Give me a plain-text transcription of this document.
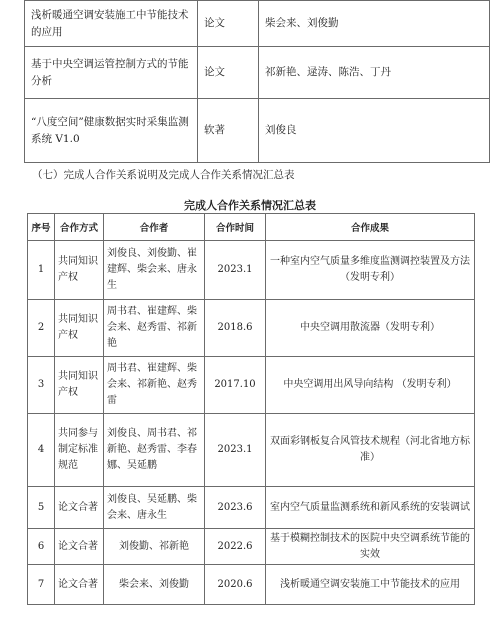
浅析暖通空调安装施工中节能技术的应用	论文	柴会来、刘俊勤
基于中央空调运管控制方式的节能分析	论文	祁新艳、逯涛、陈浩、丁丹
“八度空间”健康数据实时采集监测系统 V1.0	软著	刘俊良
（七）完成人合作关系说明及完成人合作关系情况汇总表
完成人合作关系情况汇总表
序号	合作方式	合作者	合作时间	合作成果
1	共同知识产权	刘俊良、刘俊勤、崔建辉、柴会来、唐永生	2023.1	一种室内空气质量多维度监测调控装置及方法（发明专利）
2	共同知识产权	周书君、崔建辉、柴会来、赵秀雷、祁新艳	2018.6	中央空调用散流器（发明专利）
3	共同知识产权	周书君、崔建辉、柴会来、祁新艳、赵秀雷	2017.10	中央空调用出风导向结构 （发明专利）
4	共同参与制定标准规范	刘俊良、周书君、祁新艳、赵秀雷、李春娜、吴延鹏	2023.1	双面彩钢板复合风管技术规程（河北省地方标准）
5	论文合著	刘俊良、吴延鹏、柴会来、唐永生	2023.6	室内空气质量监测系统和新风系统的安装调试
6	论文合著	刘俊勤、祁新艳	2022.6	基于模糊控制技术的医院中央空调系统节能的实效
7	论文合著	柴会来、刘俊勤	2020.6	浅析暖通空调安装施工中节能技术的应用
